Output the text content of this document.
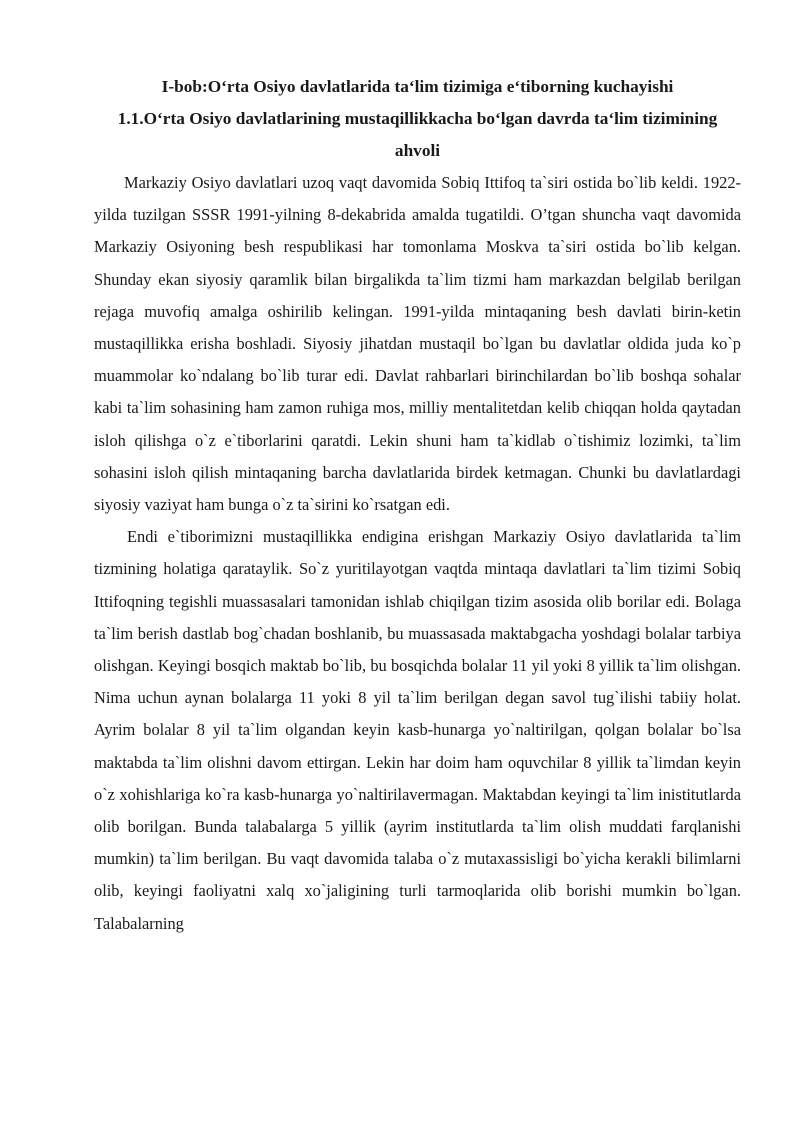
I-bob:Oʻrta Osiyo davlatlarida taʻlim tizimiga eʻtiborning kuchayishi

1.1.Oʻrta Osiyo davlatlarining mustaqillikkacha boʻlgan davrda taʻlim tizimining ahvoli

Markaziy Osiyo davlatlari uzoq vaqt davomida Sobiq Ittifoq ta`siri ostida bo`lib keldi. 1922-yilda tuzilgan SSSR 1991-yilning 8-dekabrida amalda tugatildi. O’tgan shuncha vaqt davomida Markaziy Osiyoning besh respublikasi har tomonlama Moskva ta`siri ostida bo`lib kelgan. Shunday ekan siyosiy qaramlik bilan birgalikda ta`lim tizmi ham markazdan belgilab berilgan rejaga muvofiq amalga oshirilib kelingan. 1991-yilda mintaqaning besh davlati birin-ketin mustaqillikka erisha boshladi. Siyosiy jihatdan mustaqil bo`lgan bu davlatlar oldida juda ko`p muammolar ko`ndalang bo`lib turar edi. Davlat rahbarlari birinchilardan bo`lib boshqa sohalar kabi ta`lim sohasining ham zamon ruhiga mos, milliy mentalitetdan kelib chiqqan holda qaytadan isloh qilishga o`z e`tiborlarini qaratdi. Lekin shuni ham ta`kidlab o`tishimiz lozimki, ta`lim sohasini isloh qilish mintaqaning barcha davlatlarida birdek ketmagan. Chunki bu davlatlardagi siyosiy vaziyat ham bunga o`z ta`sirini ko`rsatgan edi.

Endi e`tiborimizni mustaqillikka endigina erishgan Markaziy Osiyo davlatlarida ta`lim tizmining holatiga qarataylik. So`z yuritilayotgan vaqtda mintaqa davlatlari ta`lim tizimi Sobiq Ittifoqning tegishli muassasalari tamonidan ishlab chiqilgan tizim asosida olib borilar edi. Bolaga ta`lim berish dastlab bog`chadan boshlanib, bu muassasada maktabgacha yoshdagi bolalar tarbiya olishgan. Keyingi bosqich maktab bo`lib, bu bosqichda bolalar 11 yil yoki 8 yillik ta`lim olishgan. Nima uchun aynan bolalarga 11 yoki 8 yil ta`lim berilgan degan savol tug`ilishi tabiiy holat. Ayrim bolalar 8 yil ta`lim olgandan keyin kasb-hunarga yo`naltirilgan, qolgan bolalar bo`lsa maktabda ta`lim olishni davom ettirgan. Lekin har doim ham oquvchilar 8 yillik ta`limdan keyin o`z xohishlariga ko`ra kasb-hunarga yo`naltirilavermagan. Maktabdan keyingi ta`lim inistitutlarda olib borilgan. Bunda talabalarga 5 yillik (ayrim institutlarda ta`lim olish muddati farqlanishi mumkin) ta`lim berilgan. Bu vaqt davomida talaba o`z mutaxassisligi bo`yicha kerakli bilimlarni olib, keyingi faoliyatni xalq xo`jaligining turli tarmoqlarida olib borishi mumkin bo`lgan. Talabalarning
